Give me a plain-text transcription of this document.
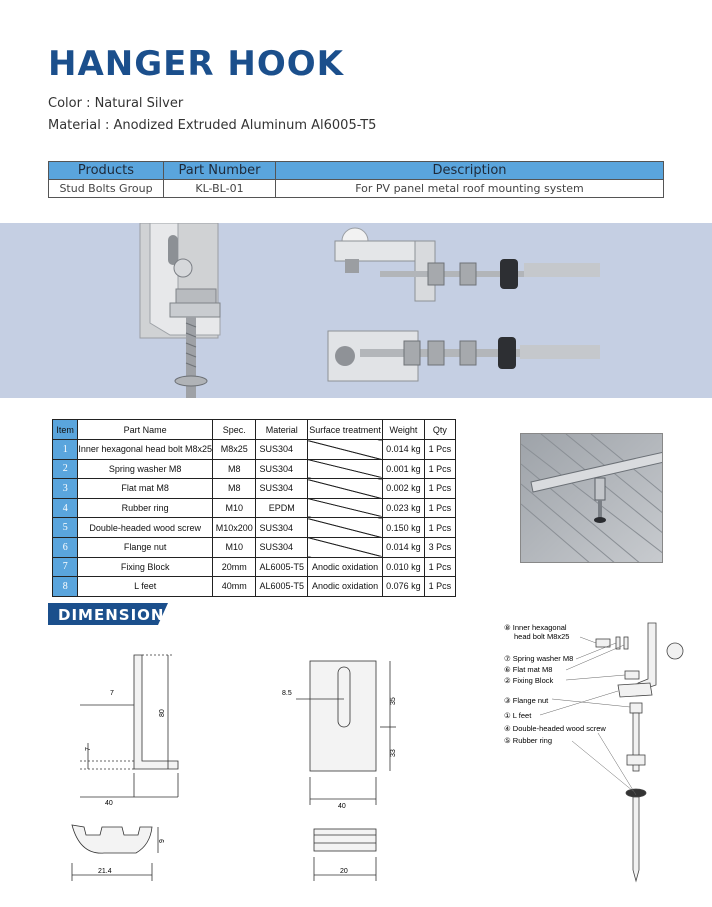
HANGER HOOK
Color : Natural Silver
Material : Anodized Extruded Aluminum Al6005-T5
Products	Part Number	Description
Stud Bolts Group	KL-BL-01	For PV panel metal roof mounting system
Item	Part Name	Spec.	Material	Surface treatment	Weight	Qty
1	Inner hexagonal head bolt M8x25	M8x25	SUS304		0.014 kg	1 Pcs
2	Spring washer M8	M8	SUS304		0.001 kg	1 Pcs
3	Flat mat M8	M8	SUS304		0.002 kg	1 Pcs
4	Rubber ring	M10	EPDM		0.023 kg	1 Pcs
5	Double-headed wood screw	M10x200	SUS304		0.150 kg	1 Pcs
6	Flange nut	M10	SUS304		0.014 kg	3 Pcs
7	Fixing Block	20mm	AL6005-T5	Anodic oxidation	0.010 kg	1 Pcs
8	L feet	40mm	AL6005-T5	Anodic oxidation	0.076 kg	1 Pcs
DIMENSION
7
80
7
40
8.5
35
33
40
9
21.4	20
⑧ Inner hexagonal
head bolt M8x25
⑦ Spring washer M8
⑥ Flat mat M8
② Fixing Block
③ Flange nut
① L feet
④ Double-headed wood screw
⑤ Rubber ring
